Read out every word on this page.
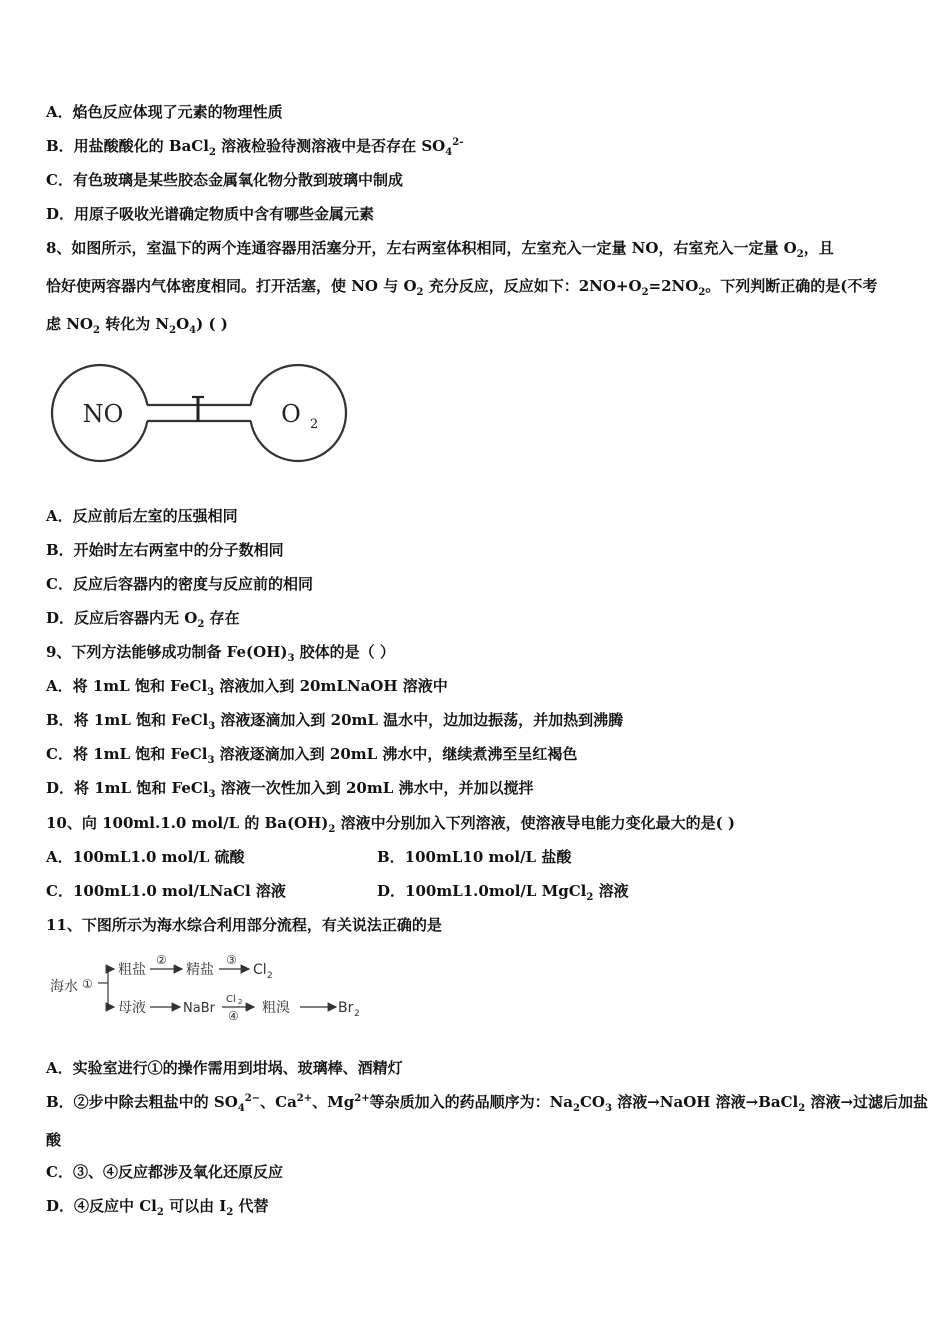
A．焰色反应体现了元素的物理性质
B．用盐酸酸化的 BaCl$_2$ 溶液检验待测溶液中是否存在 $SO_4^{2-}$
C．有色玻璃是某些胶态金属氧化物分散到玻璃中制成
D．用原子吸收光谱确定物质中含有哪些金属元素
8、如图所示，室温下的两个连通容器用活塞分开，左右两室体积相同，左室充入一定量 NO，右室充入一定量 $O_2$，且
恰好使两容器内气体密度相同。打开活塞，使 NO 与 $O_2$ 充分反应，反应如下：$2NO+O_2=2NO_2$。下列判断正确的是(不考
虑 $NO_2$ 转化为 $N_2O_4$) ( )
NO	O 2
A．反应前后左室的压强相同
B．开始时左右两室中的分子数相同
C．反应后容器内的密度与反应前的相同
D．反应后容器内无 $O_2$ 存在
9、下列方法能够成功制备 $Fe(OH)_3$ 胶体的是（ ）
A．将 1mL 饱和 FeCl$_3$ 溶液加入到 20mLNaOH 溶液中
B．将 1mL 饱和 FeCl$_3$ 溶液逐滴加入到 20mL 温水中，边加边振荡，并加热到沸腾
C．将 1mL 饱和 FeCl$_3$ 溶液逐滴加入到 20mL 沸水中，继续煮沸至呈红褐色
D．将 1mL 饱和 FeCl$_3$ 溶液一次性加入到 20mL 沸水中，并加以搅拌
10、向 100ml.1.0 mol/L 的 $Ba(OH)_2$ 溶液中分别加入下列溶液，使溶液导电能力变化最大的是( )
A．100mL1.0 mol/L 硫酸	B．100mL10 mol/L 盐酸
C．100mL1.0 mol/LNaCl 溶液	D．100mL1.0mol/L MgCl$_2$ 溶液
11、下图所示为海水综合利用部分流程，有关说法正确的是
海水 ①
粗盐
②
精盐
③
Cl 2
母液	NaBr
Cl 2
④ 粗溴	Br 2
A．实验室进行①的操作需用到坩埚、玻璃棒、酒精灯
B．②步中除去粗盐中的 $SO_4^{2-}$、$Ca^{2+}$、$Mg^{2+}$等杂质加入的药品顺序为：$Na_2CO_3$ 溶液→NaOH 溶液→BaCl$_2$ 溶液→过滤后加盐
酸
C．③、④反应都涉及氧化还原反应
D．④反应中 $Cl_2$ 可以由 $I_2$ 代替
